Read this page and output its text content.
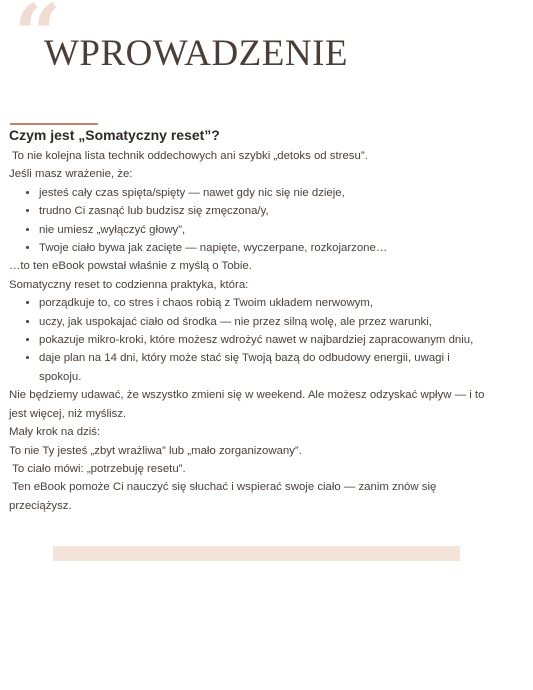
“
WPROWADZENIE
Czym jest „Somatyczny reset”?

To nie kolejna lista technik oddechowych ani szybki „detoks od stresu”.

Jeśli masz wrażenie, że:

• jesteś cały czas spięta/spięty — nawet gdy nic się nie dzieje,
• trudno Ci zasnąć lub budzisz się zmęczona/y,
• nie umiesz „wyłączyć głowy”,
• Twoje ciało bywa jak zacięte — napięte, wyczerpane, rozkojarzone…

…to ten eBook powstał właśnie z myślą o Tobie.

Somatyczny reset to codzienna praktyka, która:

• porządkuje to, co stres i chaos robią z Twoim układem nerwowym,
• uczy, jak uspokajać ciało od środka — nie przez silną wolę, ale przez warunki,
• pokazuje mikro-kroki, które możesz wdrożyć nawet w najbardziej zapracowanym dniu,
• daje plan na 14 dni, który może stać się Twoją bazą do odbudowy energii, uwagi i spokoju.

Nie będziemy udawać, że wszystko zmieni się w weekend. Ale możesz odzyskać wpływ — i to jest więcej, niż myślisz.

Mały krok na dziś:

To nie Ty jesteś „zbyt wrażliwa” lub „mało zorganizowany”.

To ciało mówi: „potrzebuję resetu”.

Ten eBook pomoże Ci nauczyć się słuchać i wspierać swoje ciało — zanim znów się przeciążysz.
